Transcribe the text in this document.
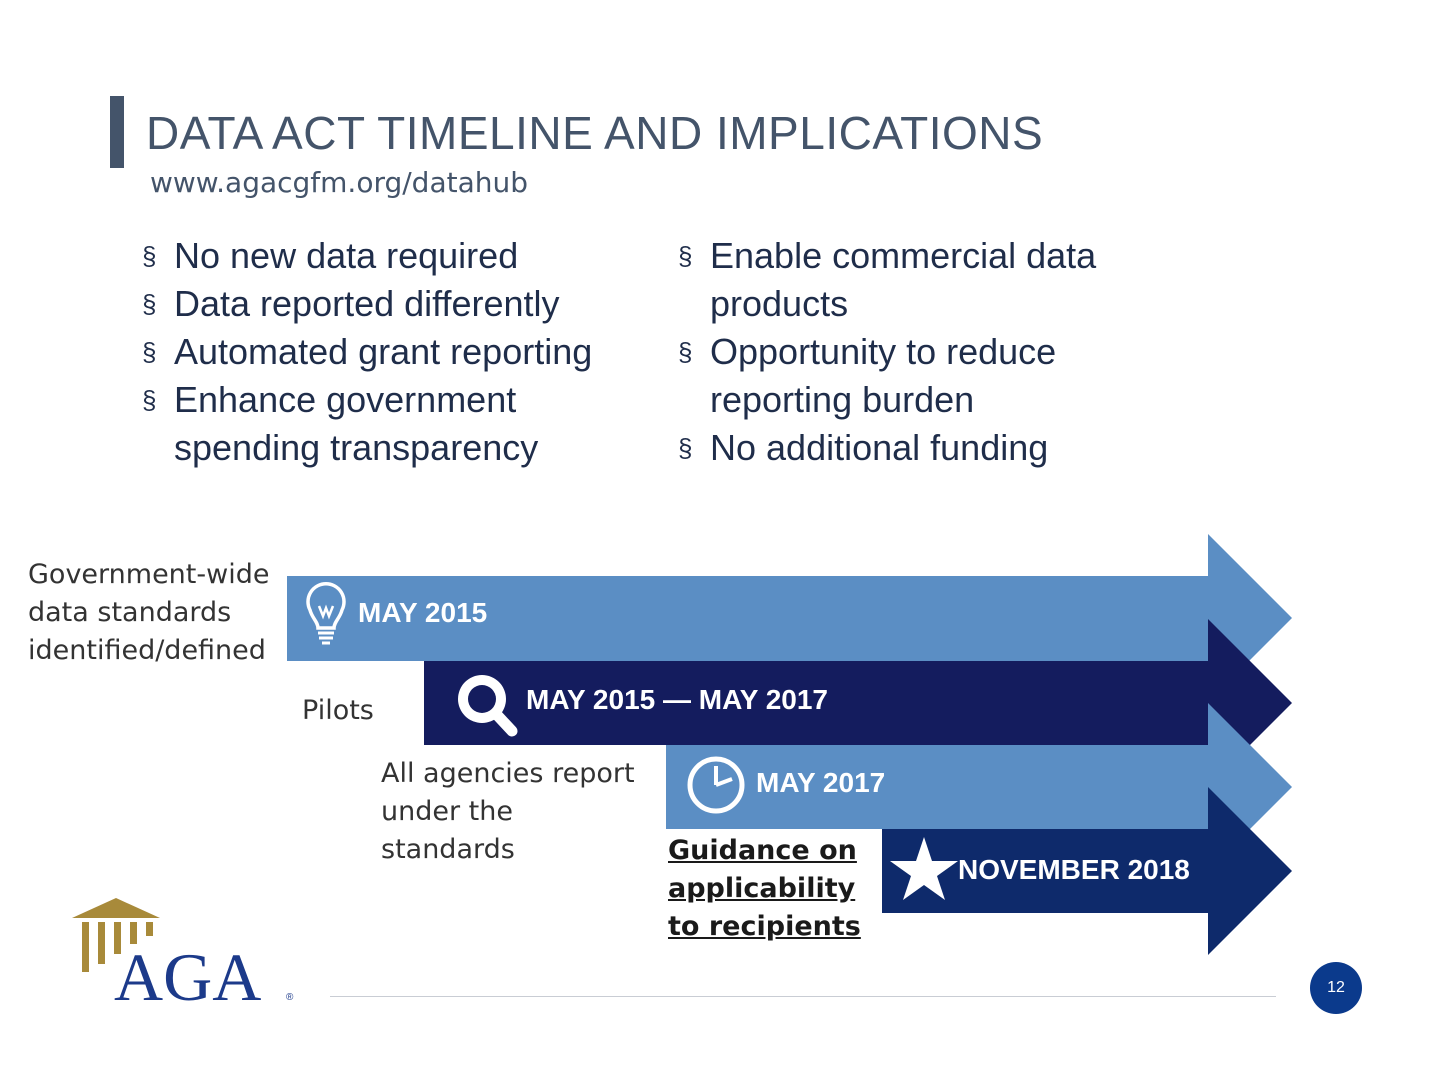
DATA ACT TIMELINE AND IMPLICATIONS
www.agacgfm.org/datahub
§ No new data required
§ Data reported differently
§ Automated grant reporting
§ Enhance government spending transparency
§ Enable commercial data products
§ Opportunity to reduce reporting burden
§ No additional funding
Government-wide data standards identified/defined
Pilots
All agencies report under the standards	Guidance on applicability to recipients
MAY 2015
MAY 2015 — MAY 2017
MAY 2017
NOVEMBER 2018
AGA ®
12
